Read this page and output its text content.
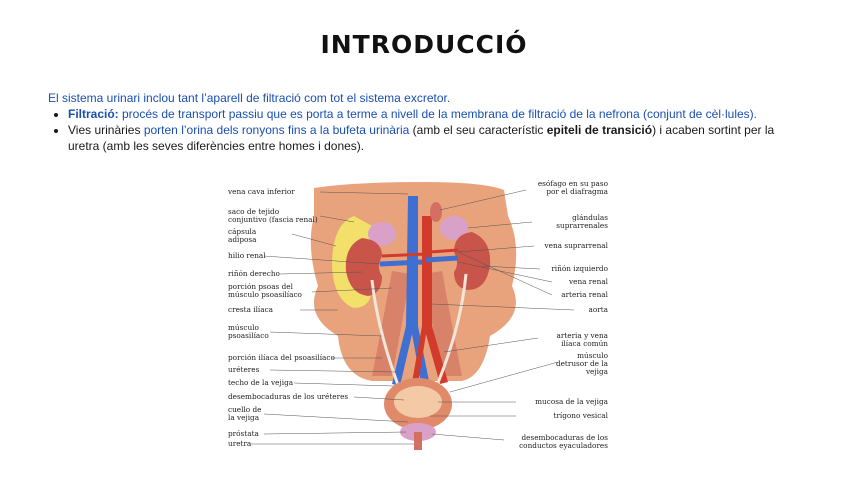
INTRODUCCIÓ

El sistema urinari inclou tant l’aparell de filtració com tot el sistema excretor.

• Filtració: procés de transport passiu que es porta a terme a nivell de la membrana de filtració de la nefrona (conjunt de cèl·lules).
• Vies urinàries porten l’orina dels ronyons fins a la bufeta urinària (amb el seu característic epiteli de transició) i acaben sortint per la uretra (amb les seves diferències entre homes i dones).
vena cava inferior
saco de tejido
conjuntivo (fascia renal)
cápsula
adiposa
hilio renal
riñón derecho
porción psoas del
músculo psoasilíaco
cresta ilíaca
músculo
psoasilíaco
porción ilíaca del psoasilíaco
uréteres
techo de la vejiga
desembocaduras de los uréteres
cuello de
la vejiga
próstata
uretra
esófago en su paso
por el diafragma
glándulas
suprarrenales
vena suprarrenal
riñón izquierdo
vena renal
arteria renal
aorta
arteria y vena
ilíaca común
músculo
detrusor de la
vejiga
mucosa de la vejiga
trígono vesical
desembocaduras de los
conductos eyaculadores
